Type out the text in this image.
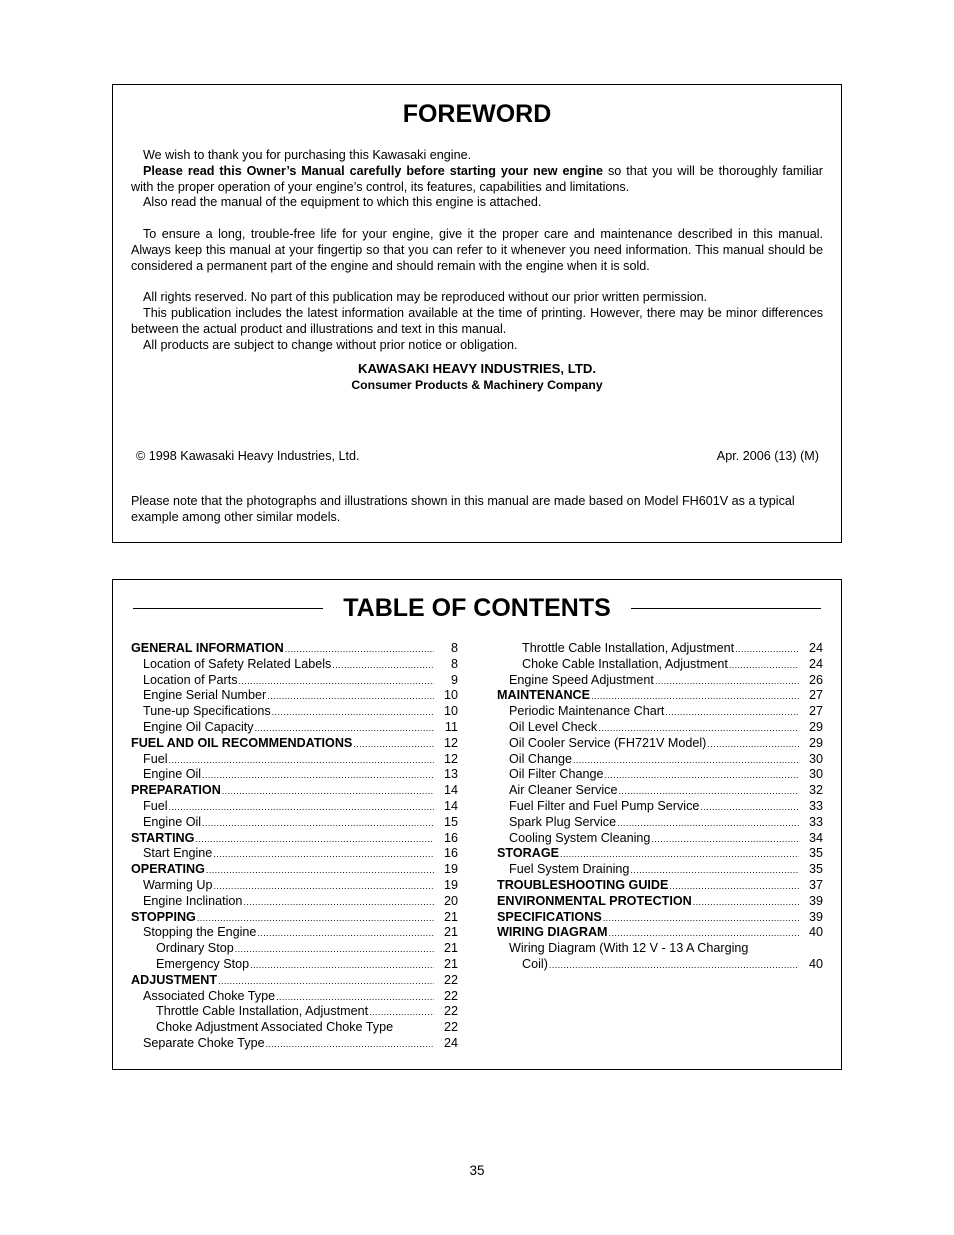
FOREWORD

We wish to thank you for purchasing this Kawasaki engine.

Please read this Owner’s Manual carefully before starting your new engine so that you will be thoroughly familiar with the proper operation of your engine’s control, its features, capabilities and limitations.

Also read the manual of the equipment to which this engine is attached.

To ensure a long, trouble-free life for your engine, give it the proper care and maintenance described in this manual. Always keep this manual at your fingertip so that you can refer to it whenever you need information. This manual should be considered a permanent part of the engine and should remain with the engine when it is sold.

All rights reserved. No part of this publication may be reproduced without our prior written permission.

This publication includes the latest information available at the time of printing. However, there may be minor differences between the actual product and illustrations and text in this manual.

All products are subject to change without prior notice or obligation.

KAWASAKI HEAVY INDUSTRIES, LTD.
Consumer Products & Machinery Company
© 1998 Kawasaki Heavy Industries, Ltd.	Apr. 2006 (13) (M)

Please note that the photographs and illustrations shown in this manual are made based on Model FH601V as a typical example among other similar models.

TABLE OF CONTENTS
GENERAL INFORMATION .....	8
Location of Safety Related Labels .....	8
Location of Parts .....	9
Engine Serial Number .....	10
Tune-up Specifications .....	10
Engine Oil Capacity .....	11
FUEL AND OIL RECOMMENDATIONS .....	12
Fuel .....	12
Engine Oil .....	13
PREPARATION .....	14
Fuel .....	14
Engine Oil .....	15
STARTING .....	16
Start Engine .....	16
OPERATING .....	19
Warming Up .....	19
Engine Inclination .....	20
STOPPING .....	21
Stopping the Engine .....	21
Ordinary Stop .....	21
Emergency Stop .....	21
ADJUSTMENT .....	22
Associated Choke Type .....	22
Throttle Cable Installation, Adjustment .....	22
Choke Adjustment Associated Choke Type	22
Separate Choke Type .....	24
Throttle Cable Installation, Adjustment .....	24
Choke Cable Installation, Adjustment .....	24
Engine Speed Adjustment .....	26
MAINTENANCE .....	27
Periodic Maintenance Chart .....	27
Oil Level Check .....	29
Oil Cooler Service (FH721V Model) .....	29
Oil Change .....	30
Oil Filter Change .....	30
Air Cleaner Service .....	32
Fuel Filter and Fuel Pump Service .....	33
Spark Plug Service .....	33
Cooling System Cleaning .....	34
STORAGE .....	35
Fuel System Draining .....	35
TROUBLESHOOTING GUIDE .....	37
ENVIRONMENTAL PROTECTION .....	39
SPECIFICATIONS .....	39
WIRING DIAGRAM .....	40
Wiring Diagram (With 12 V - 13 A Charging
Coil) .....	40
35
